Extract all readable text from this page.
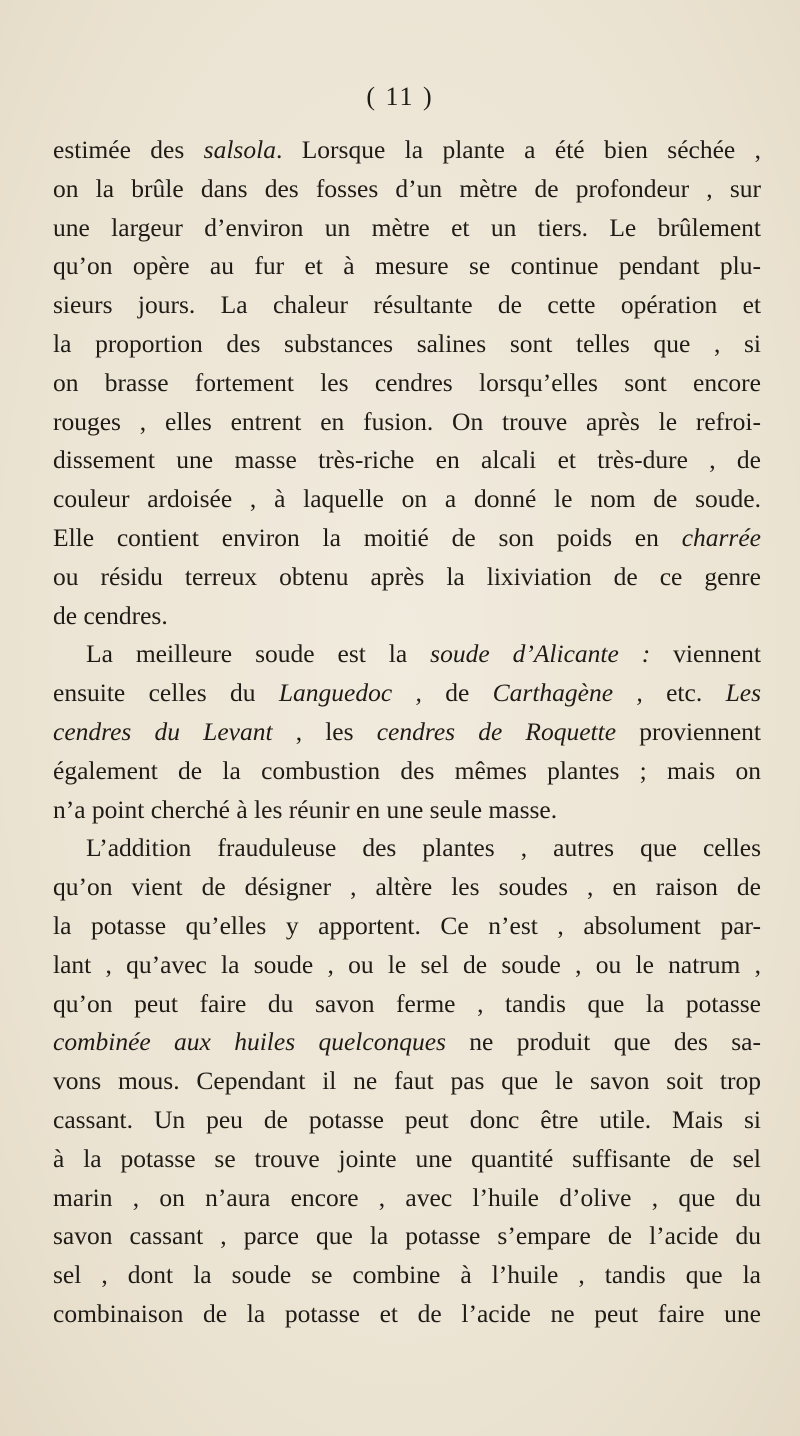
( 11 )
estimée des salsola. Lorsque la plante a été bien séchée ,
on la brûle dans des fosses d’un mètre de profondeur , sur
une largeur d’environ un mètre et un tiers. Le brûlement
qu’on opère au fur et à mesure se continue pendant plu-
sieurs jours. La chaleur résultante de cette opération et
la proportion des substances salines sont telles que , si
on brasse fortement les cendres lorsqu’elles sont encore
rouges , elles entrent en fusion. On trouve après le refroi-
dissement une masse très-riche en alcali et très-dure , de
couleur ardoisée , à laquelle on a donné le nom de soude.
Elle contient environ la moitié de son poids en charrée
ou résidu terreux obtenu après la lixiviation de ce genre
de cendres.
La meilleure soude est la soude d’Alicante : viennent
ensuite celles du Languedoc , de Carthagène , etc. Les
cendres du Levant , les cendres de Roquette proviennent
également de la combustion des mêmes plantes ; mais on
n’a point cherché à les réunir en une seule masse.
L’addition frauduleuse des plantes , autres que celles
qu’on vient de désigner , altère les soudes , en raison de
la potasse qu’elles y apportent. Ce n’est , absolument par-
lant , qu’avec la soude , ou le sel de soude , ou le natrum ,
qu’on peut faire du savon ferme , tandis que la potasse
combinée aux huiles quelconques ne produit que des sa-
vons mous. Cependant il ne faut pas que le savon soit trop
cassant. Un peu de potasse peut donc être utile. Mais si
à la potasse se trouve jointe une quantité suffisante de sel
marin , on n’aura encore , avec l’huile d’olive , que du
savon cassant , parce que la potasse s’empare de l’acide du
sel , dont la soude se combine à l’huile , tandis que la
combinaison de la potasse et de l’acide ne peut faire une
